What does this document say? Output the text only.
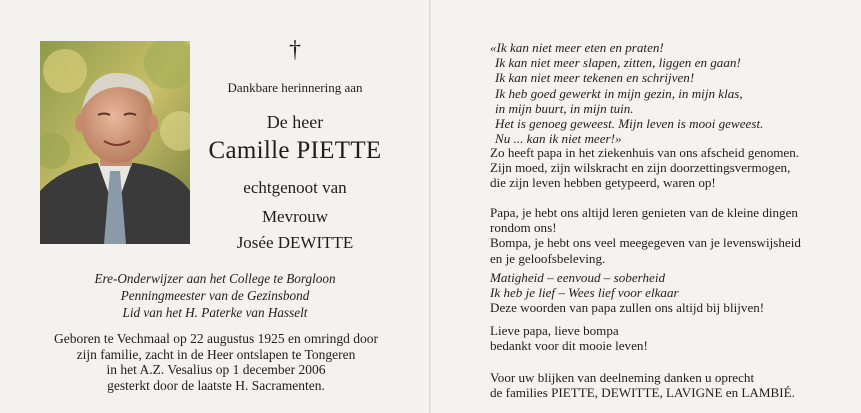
†
Dankbare herinnering aan
De heer
Camille PIETTE
echtgenoot van
Mevrouw
Josée DEWITTE
Ere-Onderwijzer aan het College te Borgloon
Penningmeester van de Gezinsbond
Lid van het H. Paterke van Hasselt
Geboren te Vechmaal op 22 augustus 1925 en omringd door
zijn familie, zacht in de Heer ontslapen te Tongeren
in het A.Z. Vesalius op 1 december 2006
gesterkt door de laatste H. Sacramenten.
«Ik kan niet meer eten en praten!
Ik kan niet meer slapen, zitten, liggen en gaan!
Ik kan niet meer tekenen en schrijven!
Ik heb goed gewerkt in mijn gezin, in mijn klas,
in mijn buurt, in mijn tuin.
Het is genoeg geweest. Mijn leven is mooi geweest.
Nu ... kan ik niet meer!»
Zo heeft papa in het ziekenhuis van ons afscheid genomen.
Zijn moed, zijn wilskracht en zijn doorzettingsvermogen,
die zijn leven hebben getypeerd, waren op!
Papa, je hebt ons altijd leren genieten van de kleine dingen
rondom ons!
Bompa, je hebt ons veel meegegeven van je levenswijsheid
en je geloofsbeleving.
Matigheid – eenvoud – soberheid
Ik heb je lief – Wees lief voor elkaar
Deze woorden van papa zullen ons altijd bij blijven!
Lieve papa, lieve bompa
bedankt voor dit mooie leven!
Voor uw blijken van deelneming danken u oprecht
de families PIETTE, DEWITTE, LAVIGNE en LAMBIÉ.
